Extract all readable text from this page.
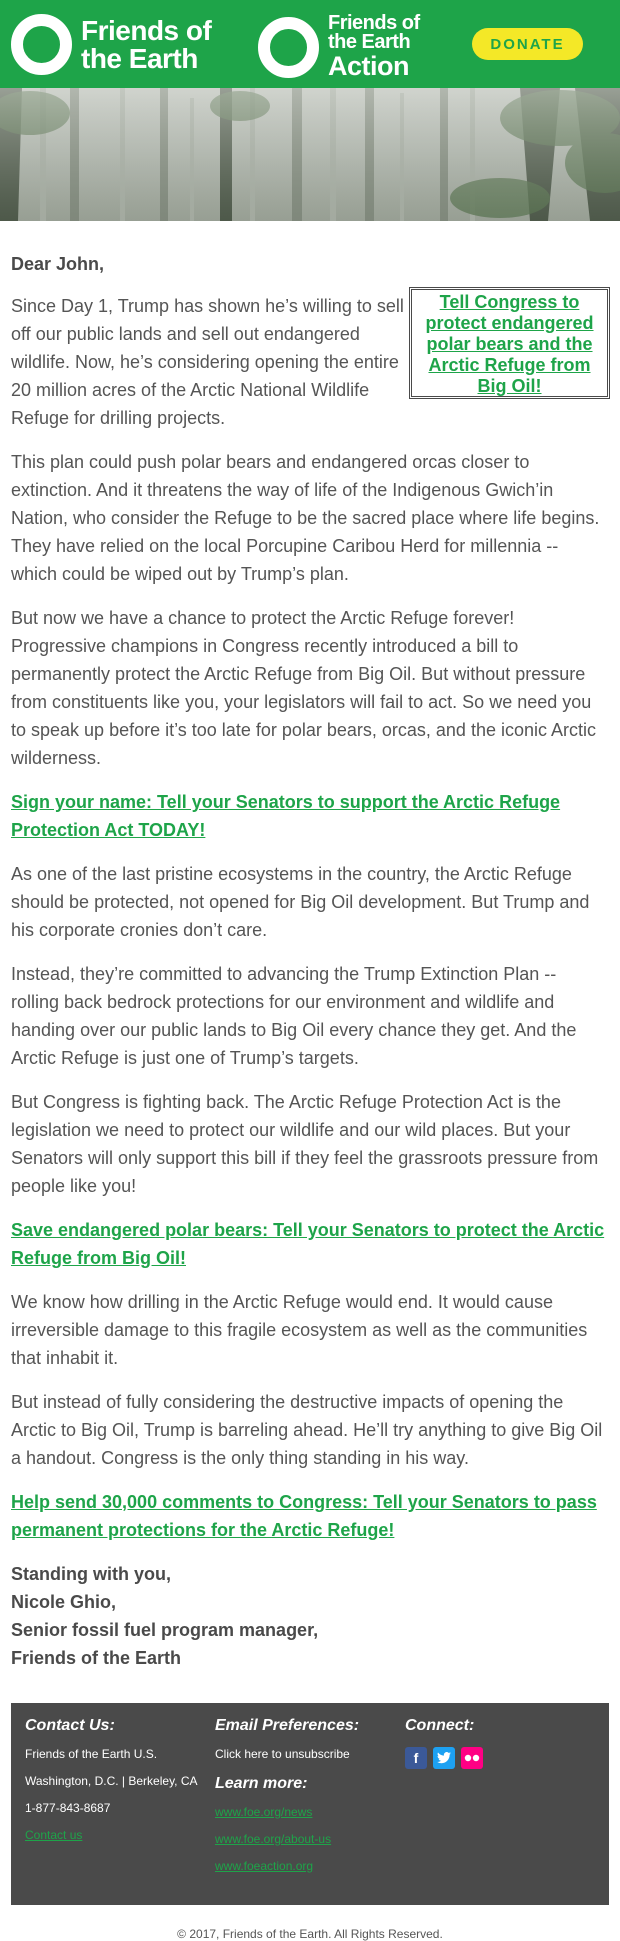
Friends of
the Earth
Friends of
the Earth
Action
DONATE
Dear John,
Tell Congress to protect endangered polar bears and the Arctic Refuge from Big Oil!

Since Day 1, Trump has shown he’s willing to sell off our public lands and sell out endangered wildlife. Now, he’s considering opening the entire 20 million acres of the Arctic National Wildlife
Refuge for drilling projects.

This plan could push polar bears and endangered orcas closer to extinction. And it threatens the way of life of the Indigenous Gwich’in Nation, who consider the Refuge to be the sacred place where life begins. They have relied on the local Porcupine Caribou Herd for millennia -- which could be wiped out by Trump’s plan.

But now we have a chance to protect the Arctic Refuge forever! Progressive champions in Congress recently introduced a bill to permanently protect the Arctic Refuge from Big Oil. But without pressure from constituents like you, your legislators will fail to act. So we need you to speak up before it’s too late for polar bears, orcas, and the iconic Arctic wilderness.

Sign your name: Tell your Senators to support the Arctic Refuge Protection Act TODAY!

As one of the last pristine ecosystems in the country, the Arctic Refuge should be protected, not opened for Big Oil development. But Trump and his corporate cronies don’t care.

Instead, they’re committed to advancing the Trump Extinction Plan -- rolling back bedrock protections for our environment and wildlife and handing over our public lands to Big Oil every chance they get. And the Arctic Refuge is just one of Trump’s targets.

But Congress is fighting back. The Arctic Refuge Protection Act is the legislation we need to protect our wildlife and our wild places. But your Senators will only support this bill if they feel the grassroots pressure from people like you!

Save endangered polar bears: Tell your Senators to protect the Arctic Refuge from Big Oil!

We know how drilling in the Arctic Refuge would end. It would cause irreversible damage to this fragile ecosystem as well as the communities that inhabit it.

But instead of fully considering the destructive impacts of opening the Arctic to Big Oil, Trump is barreling ahead. He’ll try anything to give Big Oil a handout. Congress is the only thing standing in his way.

Help send 30,000 comments to Congress: Tell your Senators to pass permanent protections for the Arctic Refuge!
Standing with you,
Nicole Ghio,
Senior fossil fuel program manager,
Friends of the Earth
Contact Us:
Friends of the Earth U.S.
Washington, D.C. | Berkeley, CA
1-877-843-8687
Contact us
Email Preferences:
Click here to unsubscribe
Learn more:
www.foe.org/news
www.foe.org/about-us
www.foeaction.org
Connect:
f
© 2017, Friends of the Earth. All Rights Reserved.
